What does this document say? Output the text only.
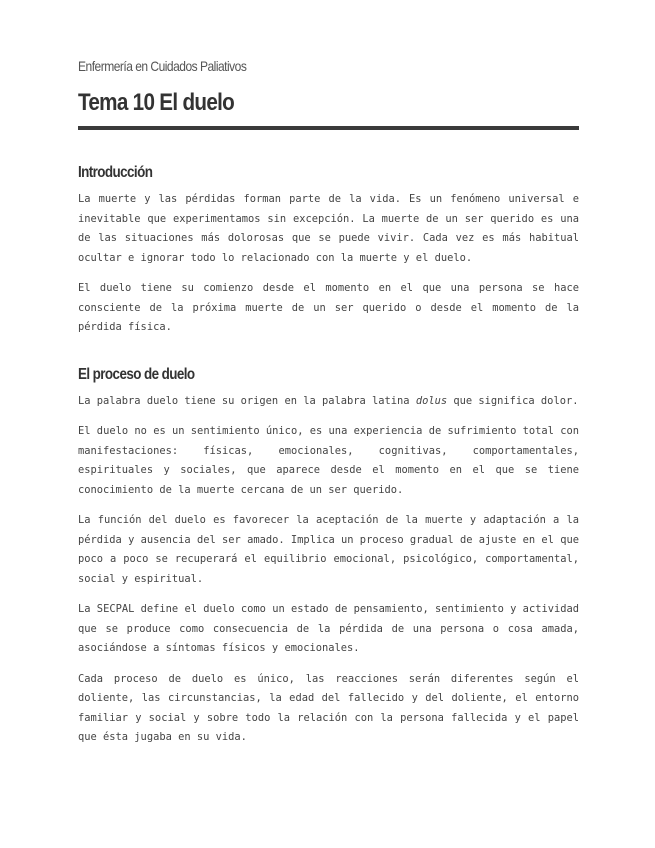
Enfermería en Cuidados Paliativos

Tema 10 El duelo
Introducción

La muerte y las pérdidas forman parte de la vida. Es un fenómeno universal e inevitable que experimentamos sin excepción. La muerte de un ser querido es una de las situaciones más dolorosas que se puede vivir. Cada vez es más habitual ocultar e ignorar todo lo relacionado con la muerte y el duelo.

El duelo tiene su comienzo desde el momento en el que una persona se hace consciente de la próxima muerte de un ser querido o desde el momento de la pérdida física.

El proceso de duelo

La palabra duelo tiene su origen en la palabra latina dolus que significa dolor.

El duelo no es un sentimiento único, es una experiencia de sufrimiento total con manifestaciones: físicas, emocionales, cognitivas, comportamentales, espirituales y sociales, que aparece desde el momento en el que se tiene conocimiento de la muerte cercana de un ser querido.

La función del duelo es favorecer la aceptación de la muerte y adaptación a la pérdida y ausencia del ser amado. Implica un proceso gradual de ajuste en el que poco a poco se recuperará el equilibrio emocional, psicológico, comportamental, social y espiritual.

La SECPAL define el duelo como un estado de pensamiento, sentimiento y actividad que se produce como consecuencia de la pérdida de una persona o cosa amada, asociándose a síntomas físicos y emocionales.

Cada proceso de duelo es único, las reacciones serán diferentes según el doliente, las circunstancias, la edad del fallecido y del doliente, el entorno familiar y social y sobre todo la relación con la persona fallecida y el papel que ésta jugaba en su vida.
